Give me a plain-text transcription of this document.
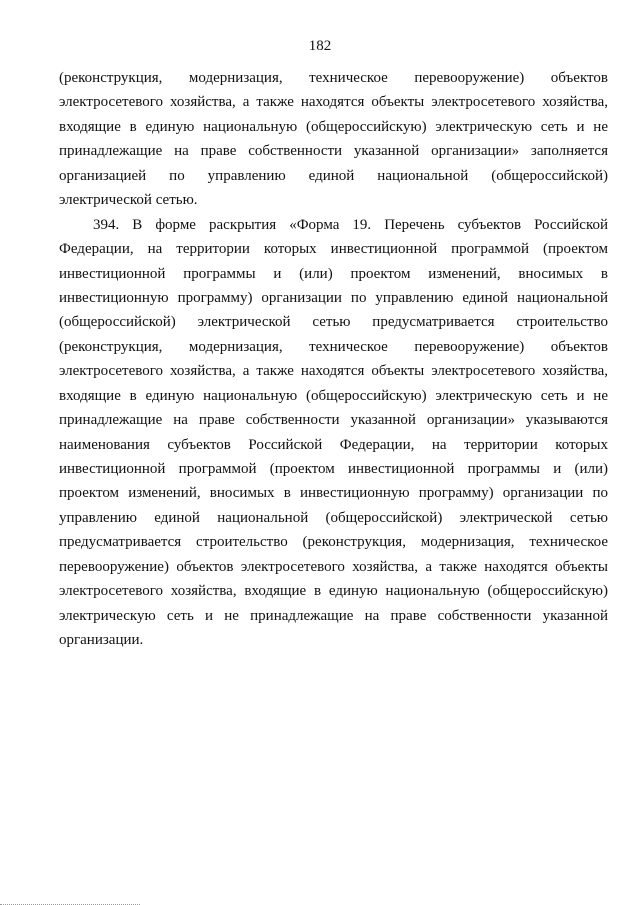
182
(реконструкция, модернизация, техническое перевооружение) объектов
электросетевого хозяйства, а также находятся объекты электросетевого хозяйства,
входящие в единую национальную (общероссийскую) электрическую сеть и не
принадлежащие на праве собственности указанной организации» заполняется
организацией по управлению единой национальной (общероссийской)
электрической сетью.
394. В форме раскрытия «Форма 19. Перечень субъектов Российской
Федерации, на территории которых инвестиционной программой (проектом
инвестиционной программы и (или) проектом изменений, вносимых в
инвестиционную программу) организации по управлению единой национальной
(общероссийской) электрической сетью предусматривается строительство
(реконструкция, модернизация, техническое перевооружение) объектов
электросетевого хозяйства, а также находятся объекты электросетевого хозяйства,
входящие в единую национальную (общероссийскую) электрическую сеть и не
принадлежащие на праве собственности указанной организации» указываются
наименования субъектов Российской Федерации, на территории которых
инвестиционной программой (проектом инвестиционной программы и (или)
проектом изменений, вносимых в инвестиционную программу) организации по
управлению единой национальной (общероссийской) электрической сетью
предусматривается строительство (реконструкция, модернизация, техническое
перевооружение) объектов электросетевого хозяйства, а также находятся объекты
электросетевого хозяйства, входящие в единую национальную (общероссийскую)
электрическую сеть и не принадлежащие на праве собственности указанной
организации.
